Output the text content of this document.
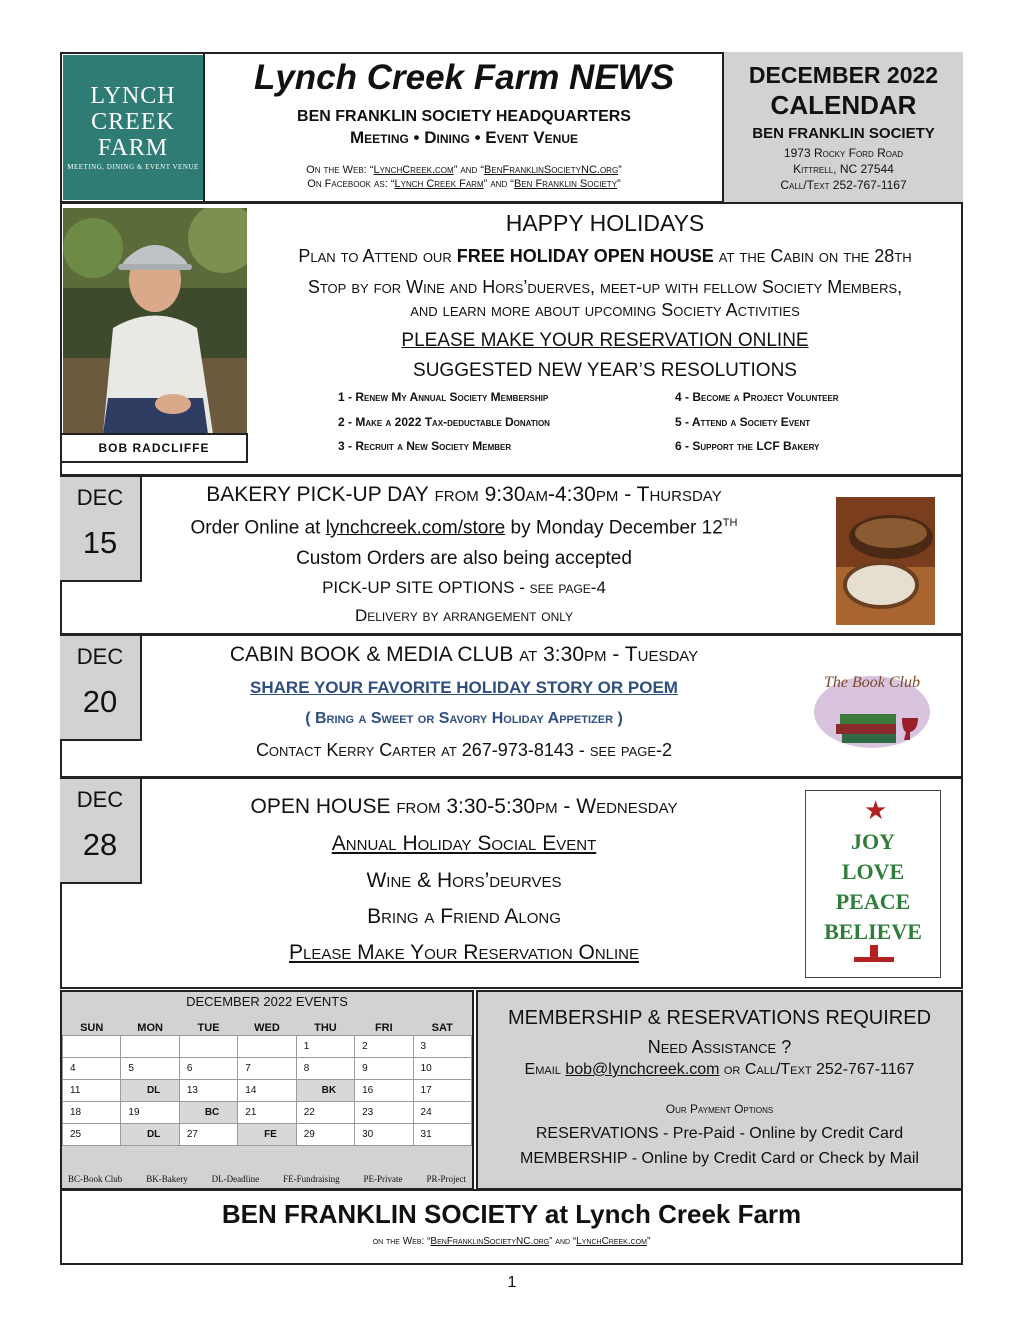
LYNCH
CREEK
FARM
MEETING, DINING & EVENT VENUE
Lynch Creek Farm NEWS
BEN FRANKLIN SOCIETY HEADQUARTERS
Meeting • Dining • Event Venue
On the Web: “LynchCreek.com” and “BenFranklinSocietyNC.org”
On Facebook as: “Lynch Creek Farm” and “Ben Franklin Society”
DECEMBER 2022
CALENDAR
BEN FRANKLIN SOCIETY
1973 Rocky Ford Road
Kittrell, NC 27544
Call/Text 252-767-1167
BOB RADCLIFFE
HAPPY HOLIDAYS
Plan to Attend our FREE HOLIDAY OPEN HOUSE at the Cabin on the 28th
Stop by for Wine and Hors’duerves, meet-up with fellow Society Members,
and learn more about upcoming Society Activities
PLEASE MAKE YOUR RESERVATION ONLINE
SUGGESTED NEW YEAR’S RESOLUTIONS
1 - Renew My Annual Society Membership
2 - Make a 2022 Tax-deductable Donation
3 - Recruit a New Society Member
4 - Become a Project Volunteer
5 - Attend a Society Event
6 - Support the LCF Bakery
DEC
15
BAKERY PICK-UP DAY from 9:30am-4:30pm - Thursday
Order Online at lynchcreek.com/store by Monday December 12TH
Custom Orders are also being accepted
PICK-UP SITE OPTIONS - see page-4
Delivery by arrangement only
DEC
20
CABIN BOOK & MEDIA CLUB at 3:30pm - Tuesday
SHARE YOUR FAVORITE HOLIDAY STORY OR POEM
( Bring a Sweet or Savory Holiday Appetizer )
Contact Kerry Carter at 267-973-8143 - see page-2
The Book Club
DEC
28
OPEN HOUSE from 3:30-5:30pm - Wednesday
Annual Holiday Social Event
Wine & Hors’deurves
Bring a Friend Along
Please Make Your Reservation Online
★
JOY
LOVE
PEACE
BELIEVE
DECEMBER 2022 EVENTS
SUN	MON	TUE	WED	THU	FRI	SAT
				1	2	3
4	5	6	7	8	9	10
11	DL	13	14	BK	16	17
18	19	BC	21	22	23	24
25	DL	27	FE	29	30	31
BC-Book Club	BK-Bakery	DL-Deadline	FE-Fundraising	PE-Private	PR-Project
MEMBERSHIP & RESERVATIONS REQUIRED
Need Assistance ?
Email bob@lynchcreek.com or Call/Text 252-767-1167
Our Payment Options
RESERVATIONS - Pre-Paid - Online by Credit Card
MEMBERSHIP - Online by Credit Card or Check by Mail
BEN FRANKLIN SOCIETY at Lynch Creek Farm
on the Web: “BenFranklinSocietyNC.org” and “LynchCreek.com”
1
